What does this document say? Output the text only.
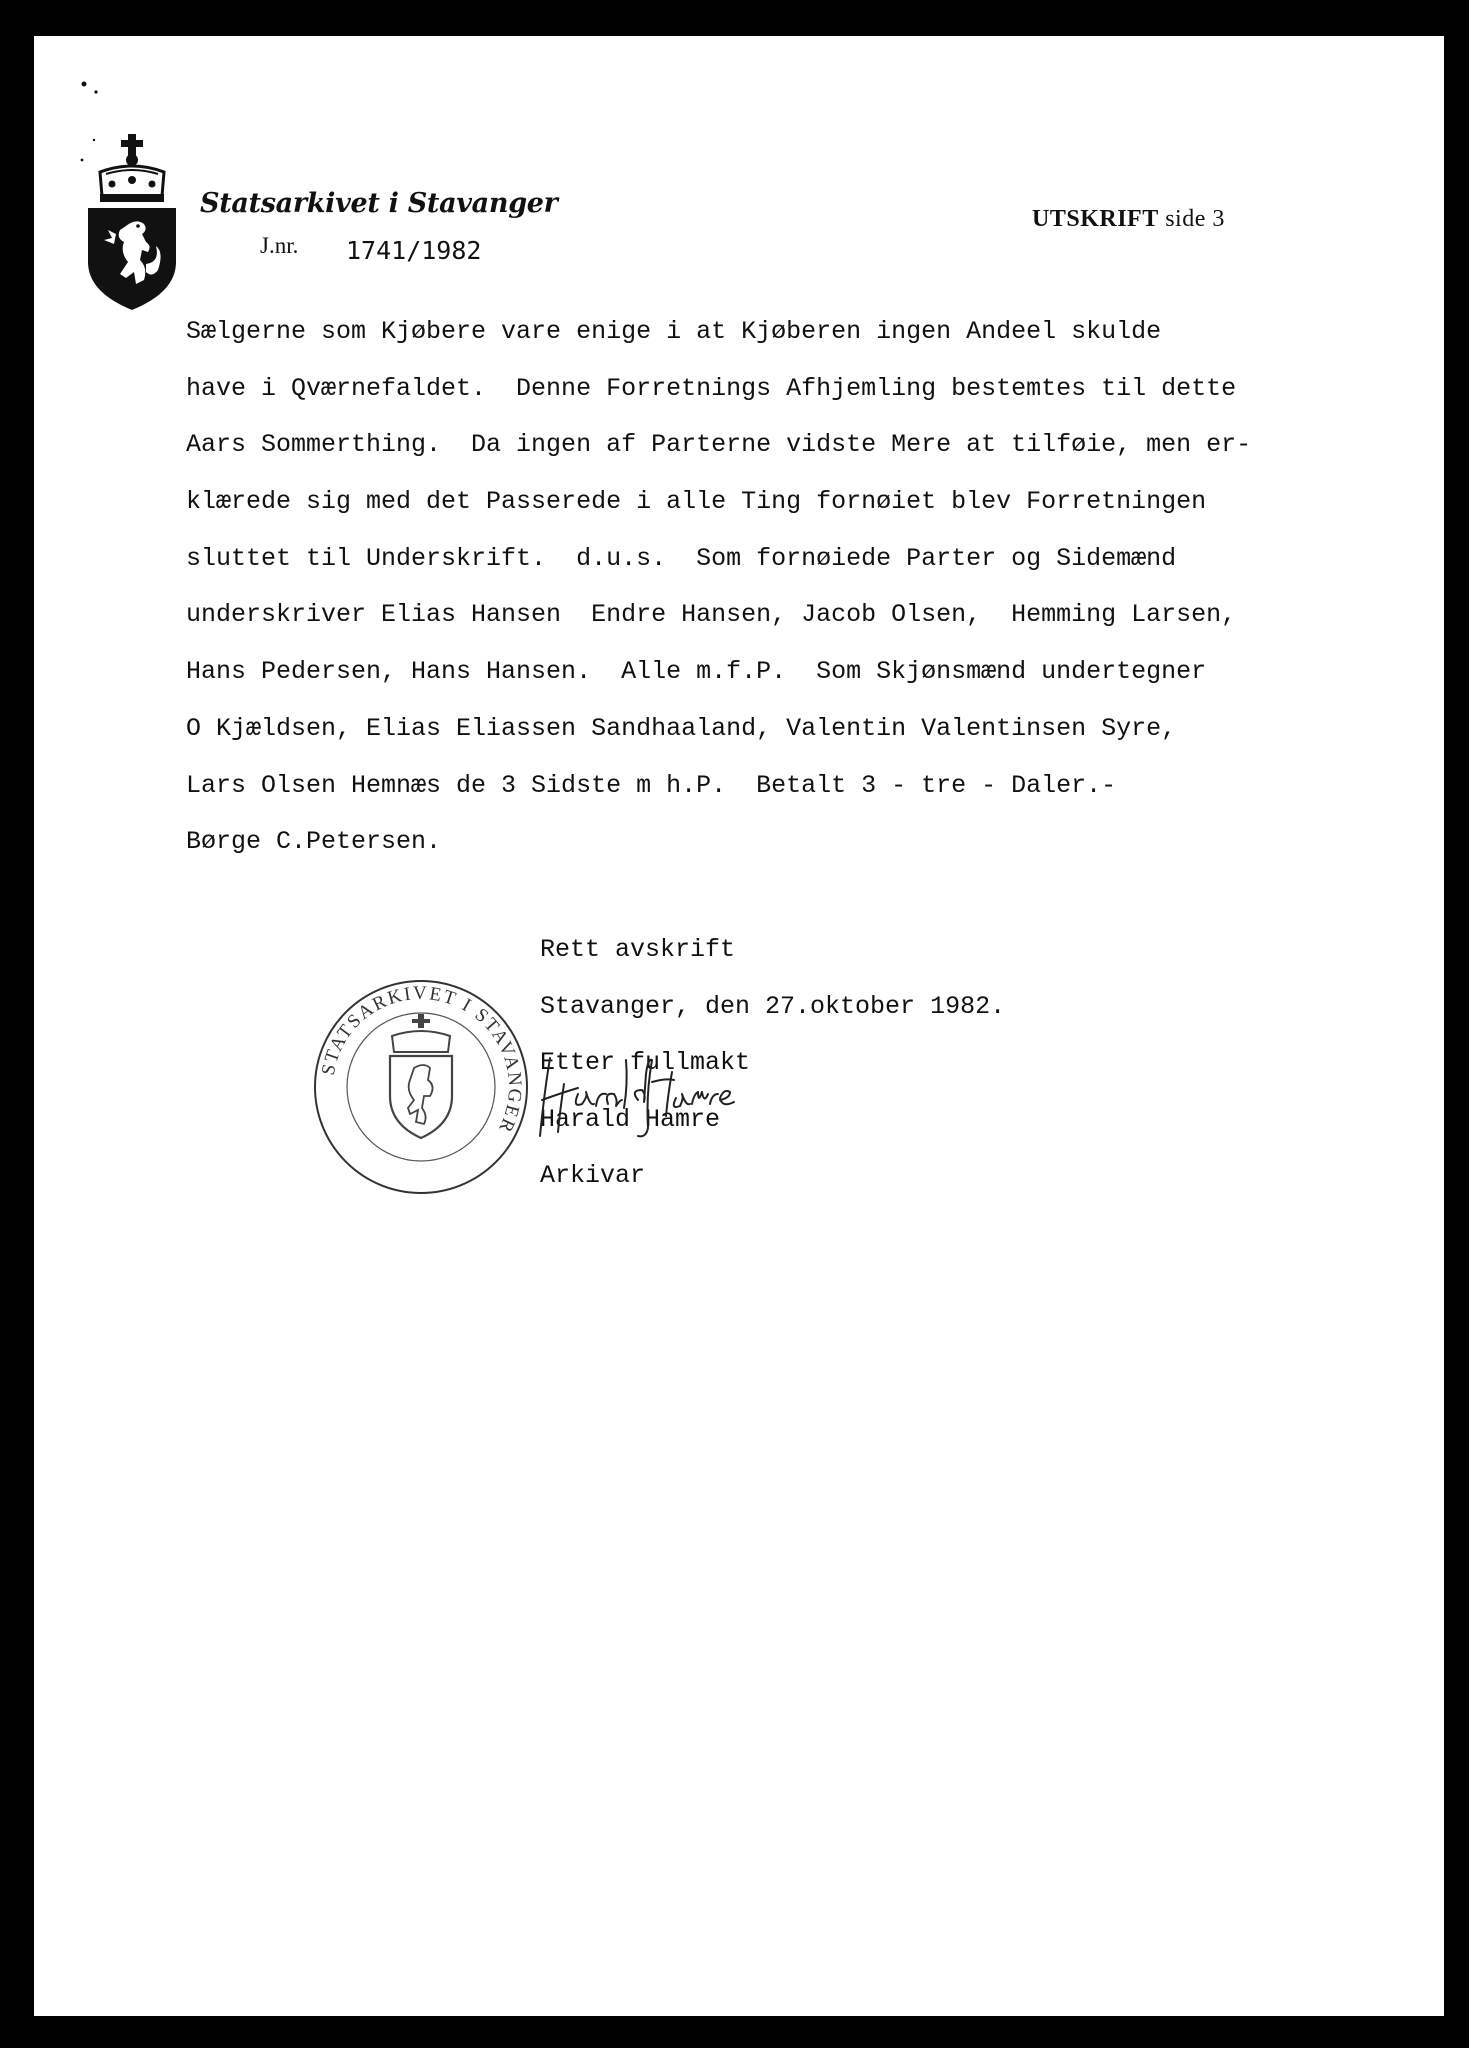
Statsarkivet i Stavanger
J.nr. 1741/1982
UTSKRIFT side 3
Sælgerne som Kjøbere vare enige i at Kjøberen ingen Andeel skulde
have i Qværnefaldet.  Denne Forretnings Afhjemling bestemtes til dette
Aars Sommerthing.  Da ingen af Parterne vidste Mere at tilføie, men er-
klærede sig med det Passerede i alle Ting fornøiet blev Forretningen
sluttet til Underskrift.  d.u.s.  Som fornøiede Parter og Sidemænd
underskriver Elias Hansen  Endre Hansen, Jacob Olsen,  Hemming Larsen,
Hans Pedersen, Hans Hansen.  Alle m.f.P.  Som Skjønsmænd undertegner
O Kjældsen, Elias Eliassen Sandhaaland, Valentin Valentinsen Syre,
Lars Olsen Hemnæs de 3 Sidste m h.P.  Betalt 3 - tre - Daler.-
Børge C.Petersen.
Rett avskrift
Stavanger, den 27.oktober 1982.
Etter fullmakt
Harald Hamre
Arkivar
STATSARKIVET I STAVANGER
